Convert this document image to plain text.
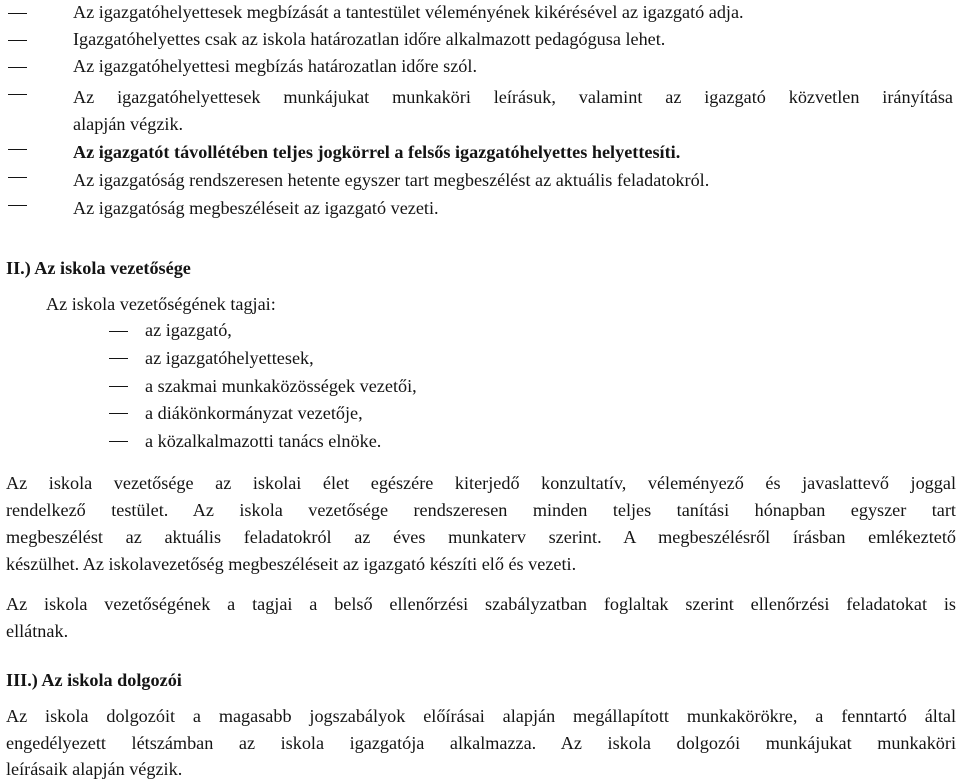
Az igazgatóhelyettesek megbízását a tantestület véleményének kikérésével az igazgató adja.
Igazgatóhelyettes csak az iskola határozatlan időre alkalmazott pedagógusa lehet.
Az igazgatóhelyettesi megbízás határozatlan időre szól.
Az igazgatóhelyettesek munkájukat munkaköri leírásuk, valamint az igazgató közvetlen irányítása
alapján végzik.
Az igazgatót távollétében teljes jogkörrel a felsős igazgatóhelyettes helyettesíti.
Az igazgatóság rendszeresen hetente egyszer tart megbeszélést az aktuális feladatokról.
Az igazgatóság megbeszéléseit az igazgató vezeti.
II.) Az iskola vezetősége
Az iskola vezetőségének tagjai:
az igazgató,
az igazgatóhelyettesek,
a szakmai munkaközösségek vezetői,
a diákönkormányzat vezetője,
a közalkalmazotti tanács elnöke.
Az iskola vezetősége az iskolai élet egészére kiterjedő konzultatív, véleményező és javaslattevő joggal
rendelkező testület. Az iskola vezetősége rendszeresen minden teljes tanítási hónapban egyszer tart
megbeszélést az aktuális feladatokról az éves munkaterv szerint. A megbeszélésről írásban emlékeztető
készülhet. Az iskolavezetőség megbeszéléseit az igazgató készíti elő és vezeti.
Az iskola vezetőségének a tagjai a belső ellenőrzési szabályzatban foglaltak szerint ellenőrzési feladatokat is
ellátnak.
III.) Az iskola dolgozói
Az iskola dolgozóit a magasabb jogszabályok előírásai alapján megállapított munkakörökre, a fenntartó által
engedélyezett létszámban az iskola igazgatója alkalmazza. Az iskola dolgozói munkájukat munkaköri
leírásaik alapján végzik.
